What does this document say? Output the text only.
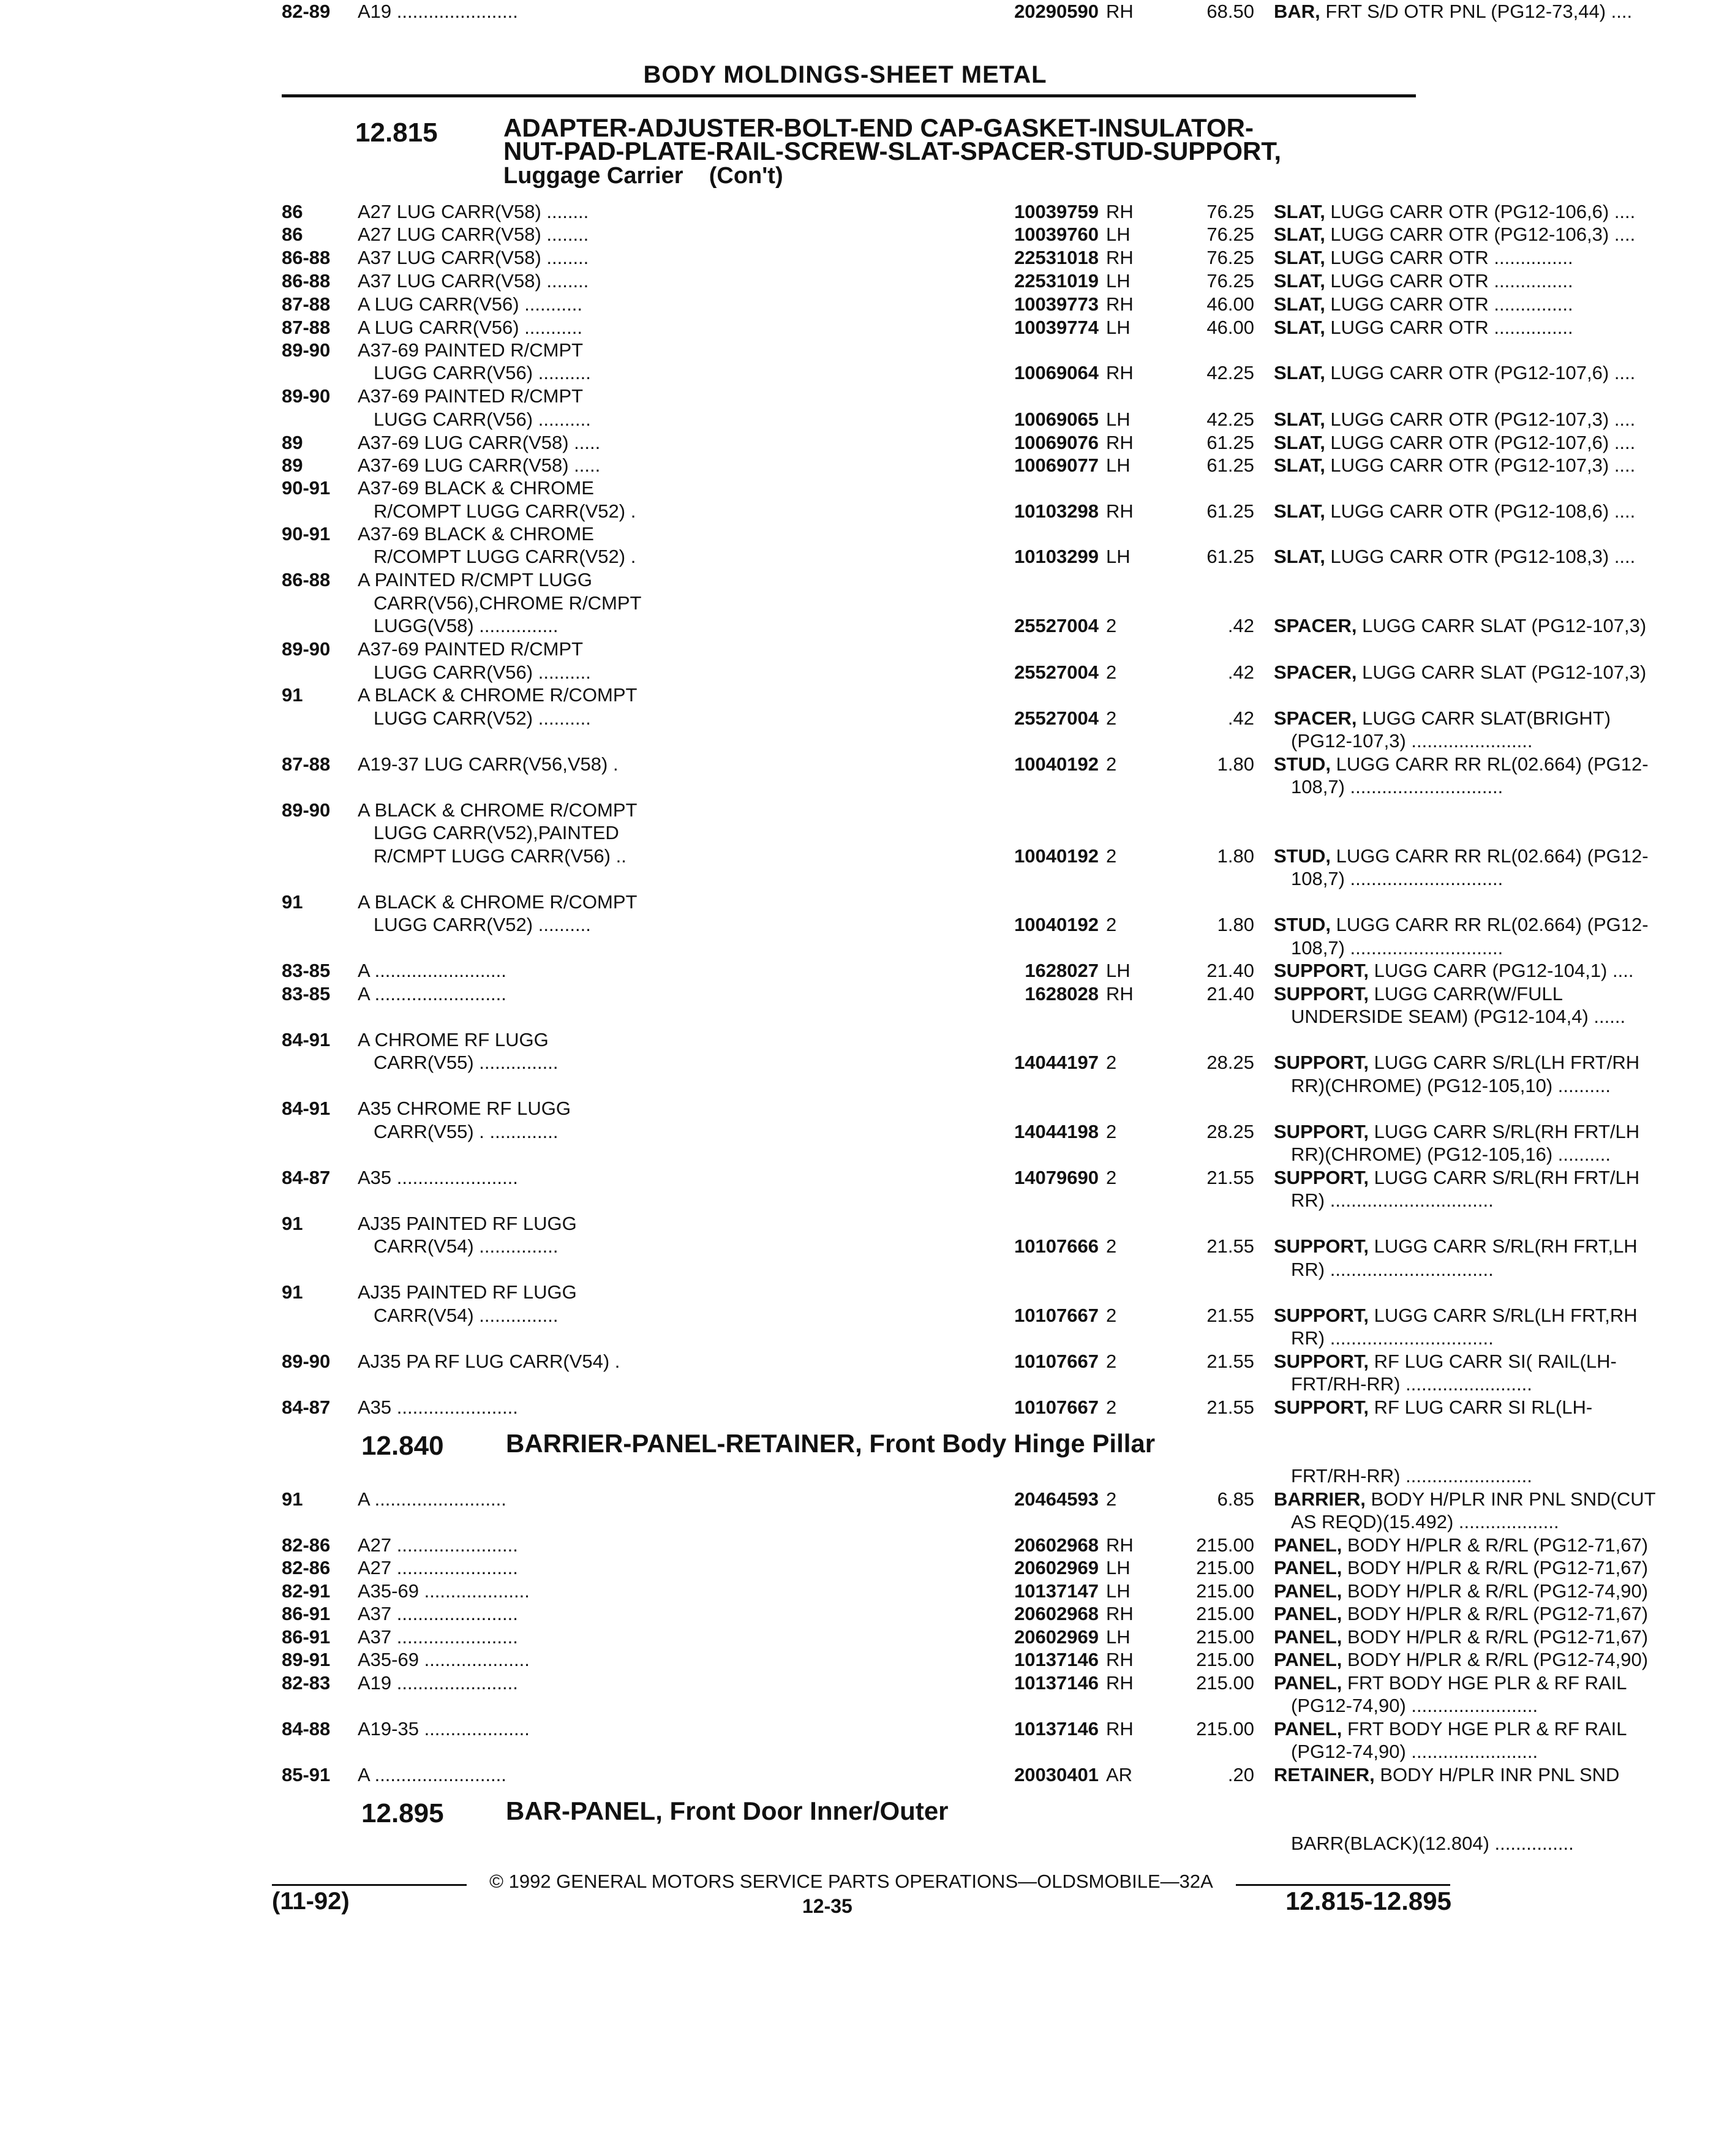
BODY MOLDINGS-SHEET METAL
86	A27 LUG CARR(V58) ........	10039759 RH	76.25 SLAT, LUGG CARR OTR (PG12-106,6) ....
86	A27 LUG CARR(V58) ........	10039760 LH	76.25 SLAT, LUGG CARR OTR (PG12-106,3) ....
86-88 A37 LUG CARR(V58) ........	22531018 RH	76.25 SLAT, LUGG CARR OTR ...............
86-88 A37 LUG CARR(V58) ........	22531019 LH	76.25 SLAT, LUGG CARR OTR ...............
87-88 A LUG CARR(V56) ...........	10039773 RH	46.00 SLAT, LUGG CARR OTR ...............
87-88 A LUG CARR(V56) ...........	10039774 LH	46.00 SLAT, LUGG CARR OTR ...............
89-90 A37-69 PAINTED R/CMPT
LUGG CARR(V56) ..........	10069064 RH	42.25 SLAT, LUGG CARR OTR (PG12-107,6) ....
89-90 A37-69 PAINTED R/CMPT
LUGG CARR(V56) ..........	10069065 LH	42.25 SLAT, LUGG CARR OTR (PG12-107,3) ....
89	A37-69 LUG CARR(V58) .....	10069076 RH	61.25 SLAT, LUGG CARR OTR (PG12-107,6) ....
89	A37-69 LUG CARR(V58) .....	10069077 LH	61.25 SLAT, LUGG CARR OTR (PG12-107,3) ....
90-91 A37-69 BLACK & CHROME
R/COMPT LUGG CARR(V52) .	10103298 RH	61.25 SLAT, LUGG CARR OTR (PG12-108,6) ....
90-91 A37-69 BLACK & CHROME
R/COMPT LUGG CARR(V52) .	10103299 LH	61.25 SLAT, LUGG CARR OTR (PG12-108,3) ....
86-88 A PAINTED R/CMPT LUGG
CARR(V56),CHROME R/CMPT
LUGG(V58) ...............	25527004 2	.42 SPACER, LUGG CARR SLAT (PG12-107,3)
89-90 A37-69 PAINTED R/CMPT
LUGG CARR(V56) ..........	25527004 2	.42 SPACER, LUGG CARR SLAT (PG12-107,3)
91	A BLACK & CHROME R/COMPT
LUGG CARR(V52) ..........	25527004 2	.42 SPACER, LUGG CARR SLAT(BRIGHT)
(PG12-107,3) .......................
87-88 A19-37 LUG CARR(V56,V58) .	10040192 2	1.80 STUD, LUGG CARR RR RL(02.664) (PG12-
108,7) .............................
89-90 A BLACK & CHROME R/COMPT
LUGG CARR(V52),PAINTED
R/CMPT LUGG CARR(V56) ..	10040192 2	1.80 STUD, LUGG CARR RR RL(02.664) (PG12-
108,7) .............................
91	A BLACK & CHROME R/COMPT
LUGG CARR(V52) ..........	10040192 2	1.80 STUD, LUGG CARR RR RL(02.664) (PG12-
108,7) .............................
83-85 A .........................	1628027 LH	21.40 SUPPORT, LUGG CARR (PG12-104,1) ....
83-85 A .........................	1628028 RH	21.40 SUPPORT, LUGG CARR(W/FULL
UNDERSIDE SEAM) (PG12-104,4) ......
84-91 A CHROME RF LUGG
CARR(V55) ...............	14044197 2	28.25 SUPPORT, LUGG CARR S/RL(LH FRT/RH
RR)(CHROME) (PG12-105,10) ..........
84-91 A35 CHROME RF LUGG
CARR(V55) . .............	14044198 2	28.25 SUPPORT, LUGG CARR S/RL(RH FRT/LH
RR)(CHROME) (PG12-105,16) ..........
84-87 A35 .......................	14079690 2	21.55 SUPPORT, LUGG CARR S/RL(RH FRT/LH
RR) ...............................
91	AJ35 PAINTED RF LUGG
CARR(V54) ...............	10107666 2	21.55 SUPPORT, LUGG CARR S/RL(RH FRT,LH
RR) ...............................
91	AJ35 PAINTED RF LUGG
CARR(V54) ...............	10107667 2	21.55 SUPPORT, LUGG CARR S/RL(LH FRT,RH
RR) ...............................
89-90 AJ35 PA RF LUG CARR(V54) .	10107667 2	21.55 SUPPORT, RF LUG CARR SI( RAIL(LH-
FRT/RH-RR) ........................
84-87 A35 .......................	10107667 2	21.55 SUPPORT, RF LUG CARR SI RL(LH-
FRT/RH-RR) ........................
91	A .........................	20464593 2	6.85 BARRIER, BODY H/PLR INR PNL SND(CUT
AS REQD)(15.492) ...................
82-86 A27 .......................	20602968 RH	215.00 PANEL, BODY H/PLR & R/RL (PG12-71,67)
82-86 A27 .......................	20602969 LH	215.00 PANEL, BODY H/PLR & R/RL (PG12-71,67)
82-91 A35-69 ....................	10137147 LH	215.00 PANEL, BODY H/PLR & R/RL (PG12-74,90)
86-91 A37 .......................	20602968 RH	215.00 PANEL, BODY H/PLR & R/RL (PG12-71,67)
86-91 A37 .......................	20602969 LH	215.00 PANEL, BODY H/PLR & R/RL (PG12-71,67)
89-91 A35-69 ....................	10137146 RH	215.00 PANEL, BODY H/PLR & R/RL (PG12-74,90)
82-83 A19 .......................	10137146 RH	215.00 PANEL, FRT BODY HGE PLR & RF RAIL
(PG12-74,90) ........................
84-88 A19-35 ....................	10137146 RH	215.00 PANEL, FRT BODY HGE PLR & RF RAIL
(PG12-74,90) ........................
85-91 A .........................	20030401 AR	.20 RETAINER, BODY H/PLR INR PNL SND
BARR(BLACK)(12.804) ...............
82-89 A19 .......................	20290590 RH	68.50 BAR, FRT S/D OTR PNL (PG12-73,44) ....
© 1992 GENERAL MOTORS SERVICE PARTS OPERATIONS—OLDSMOBILE—32A
(11-92)	12-35	12.815-12.895
12.815	ADAPTER-ADJUSTER-BOLT-END CAP-GASKET-INSULATOR-
NUT-PAD-PLATE-RAIL-SCREW-SLAT-SPACER-STUD-SUPPORT,
Luggage Carrier    (Con't)
12.840 BARRIER-PANEL-RETAINER, Front Body Hinge Pillar
12.895 BAR-PANEL, Front Door Inner/Outer
